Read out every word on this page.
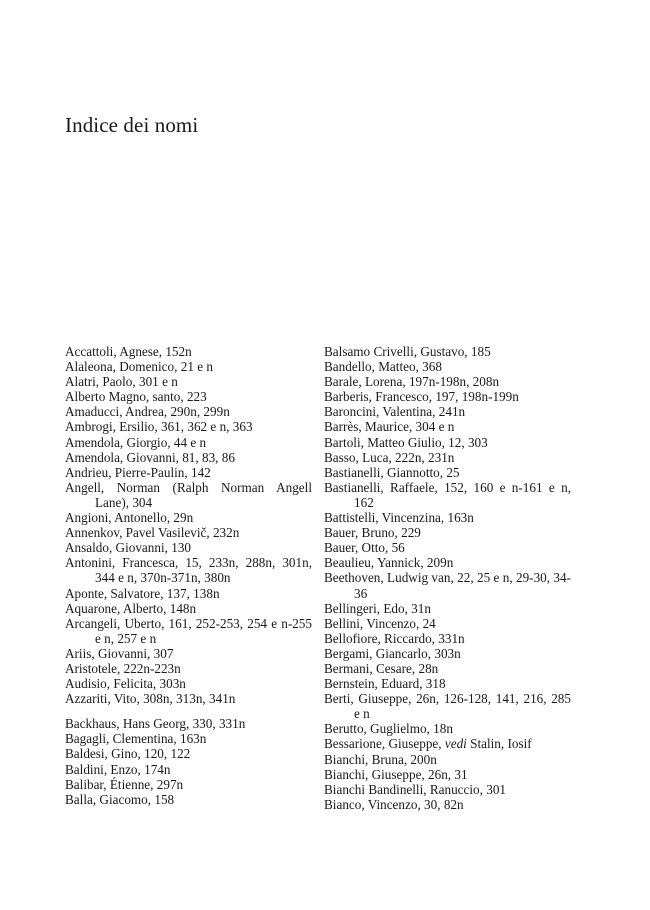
Indice dei nomi
Accattoli, Agnese, 152n
Alaleona, Domenico, 21 e n
Alatri, Paolo, 301 e n
Alberto Magno, santo, 223
Amaducci, Andrea, 290n, 299n
Ambrogi, Ersilio, 361, 362 e n, 363
Amendola, Giorgio, 44 e n
Amendola, Giovanni, 81, 83, 86
Andrieu, Pierre-Paulin, 142
Angell, Norman (Ralph Norman Angell Lane), 304
Angioni, Antonello, 29n
Annenkov, Pavel Vasilevič, 232n
Ansaldo, Giovanni, 130
Antonini, Francesca, 15, 233n, 288n, 301n, 344 e n, 370n-371n, 380n
Aponte, Salvatore, 137, 138n
Aquarone, Alberto, 148n
Arcangeli, Uberto, 161, 252-253, 254 e n-255 e n, 257 e n
Ariis, Giovanni, 307
Aristotele, 222n-223n
Audisio, Felicita, 303n
Azzariti, Vito, 308n, 313n, 341n
Backhaus, Hans Georg, 330, 331n
Bagagli, Clementina, 163n
Baldesi, Gino, 120, 122
Baldini, Enzo, 174n
Balibar, Étienne, 297n
Balla, Giacomo, 158
Balsamo Crivelli, Gustavo, 185
Bandello, Matteo, 368
Barale, Lorena, 197n-198n, 208n
Barberis, Francesco, 197, 198n-199n
Baroncini, Valentina, 241n
Barrès, Maurice, 304 e n
Bartoli, Matteo Giulio, 12, 303
Basso, Luca, 222n, 231n
Bastianelli, Giannotto, 25
Bastianelli, Raffaele, 152, 160 e n-161 e n, 162
Battistelli, Vincenzina, 163n
Bauer, Bruno, 229
Bauer, Otto, 56
Beaulieu, Yannick, 209n
Beethoven, Ludwig van, 22, 25 e n, 29-30, 34-36
Bellingeri, Edo, 31n
Bellini, Vincenzo, 24
Bellofiore, Riccardo, 331n
Bergami, Giancarlo, 303n
Bermani, Cesare, 28n
Bernstein, Eduard, 318
Berti, Giuseppe, 26n, 126-128, 141, 216, 285 e n
Berutto, Guglielmo, 18n
Bessarione, Giuseppe, vedi Stalin, Iosif
Bianchi, Bruna, 200n
Bianchi, Giuseppe, 26n, 31
Bianchi Bandinelli, Ranuccio, 301
Bianco, Vincenzo, 30, 82n
